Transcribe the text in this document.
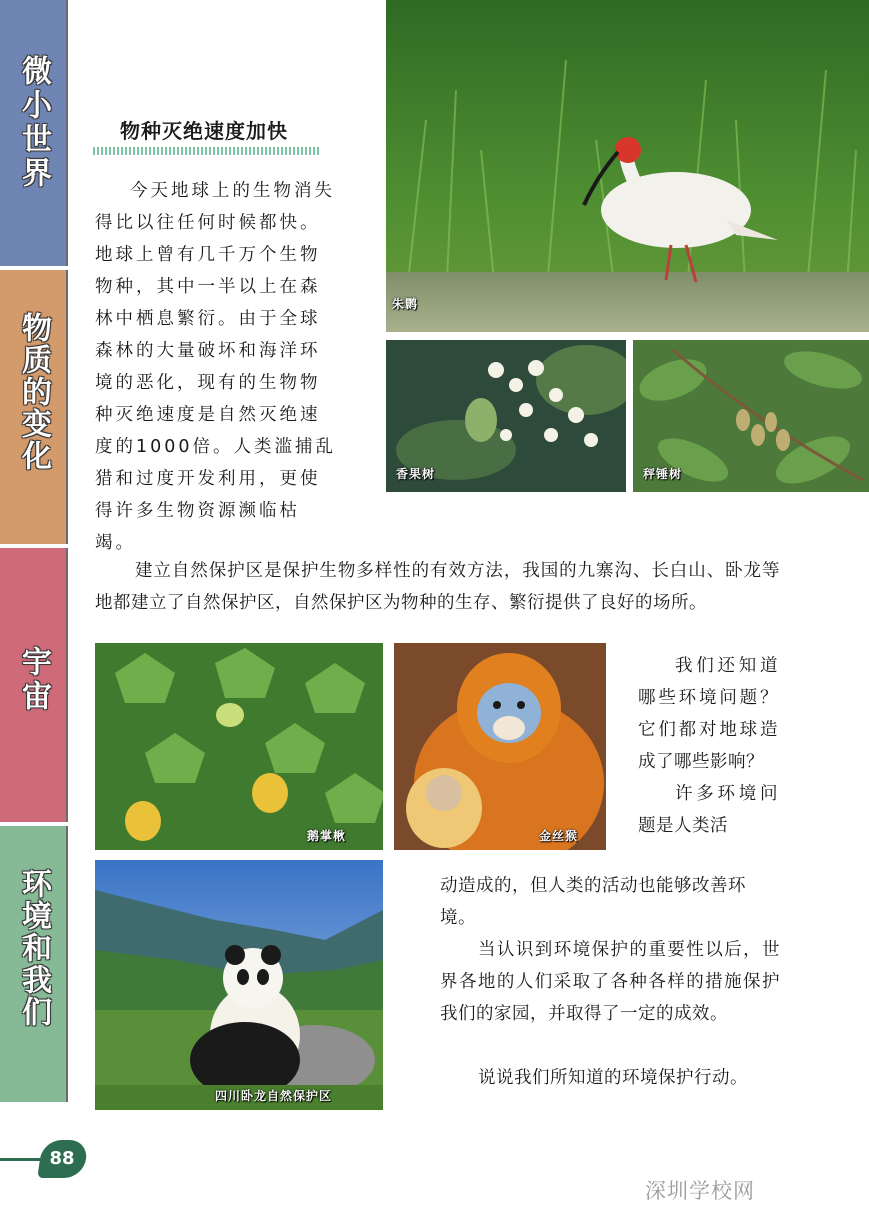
微小世界
物质的变化
宇宙
环境和我们
物种灭绝速度加快
今天地球上的生物消失得比以往任何时候都快。地球上曾有几千万个生物物种，其中一半以上在森林中栖息繁衍。由于全球森林的大量破坏和海洋环境的恶化，现有的生物物种灭绝速度是自然灭绝速度的1000倍。人类滥捕乱猎和过度开发利用，更使得许多生物资源濒临枯竭。
朱鹮
香果树	秤锤树
建立自然保护区是保护生物多样性的有效方法，我国的九寨沟、长白山、卧龙等地都建立了自然保护区，自然保护区为物种的生存、繁衍提供了良好的场所。
鹅掌楸	金丝猴
我们还知道哪些环境问题？它们都对地球造成了哪些影响？
许多环境问题是人类活
动造成的，但人类的活动也能够改善环境。
四川卧龙自然保护区
当认识到环境保护的重要性以后，世界各地的人们采取了各种各样的措施保护我们的家园，并取得了一定的成效。
说说我们所知道的环境保护行动。
88
深圳学校网
